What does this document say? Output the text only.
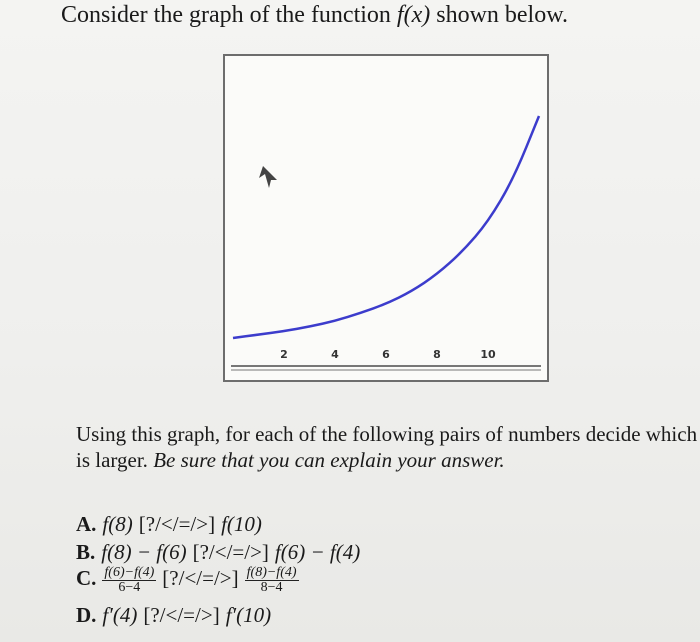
Consider the graph of the function f(x) shown below.
2	4	6	8	10
Using this graph, for each of the following pairs of numbers decide which is larger. Be sure that you can explain your answer.
A. f(8) [?/</=/>] f(10)
B. f(8) − f(6) [?/</=/>] f(6) − f(4)
C. $\frac{f(6)-f(4)}{6-4}$ [?/</=/>] $\frac{f(8)-f(4)}{8-4}$
D. f′(4) [?/</=/>] f′(10)
